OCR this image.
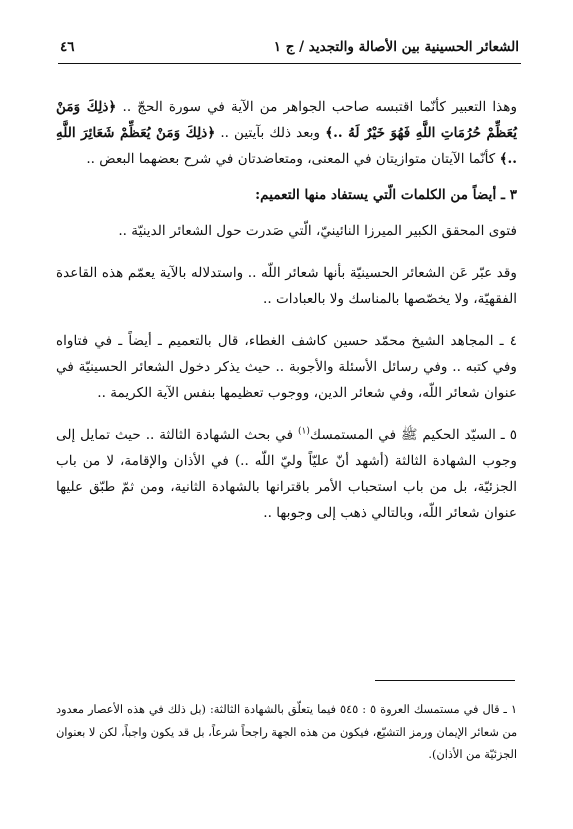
الشعائر الحسينية بين الأصالة والتجديد / ج ١
٤٦

وهذا التعبير كأنّما اقتبسه صاحب الجواهر من الآية في سورة الحجّ .. ﴿ذلِكَ وَمَنْ يُعَظِّمْ حُرُمَاتِ اللَّهِ فَهُوَ خَيْرٌ لَهُ ..﴾ وبعد ذلك بآيتين .. ﴿ذلِكَ وَمَنْ يُعَظِّمْ شَعَائِرَ اللَّهِ ..﴾ كأنّما الآيتان متوازيتان في المعنى، ومتعاضدتان في شرح بعضهما البعض ..

٣ ـ أيضاً من الكلمات الّتي يستفاد منها التعميم:

فتوى المحقق الكبير الميرزا النائينيّ، الّتي صَدرت حول الشعائر الدينيّة ..

وقد عبّر عَن الشعائر الحسينيّة بأنها شعائر اللّه .. واستدلاله بالآية يعمّم هذه القاعدة الفقهيّة، ولا يخصّصها بالمناسك ولا بالعبادات ..

٤ ـ المجاهد الشيخ محمّد حسين كاشف الغطاء، قال بالتعميم ـ أيضاً ـ في فتاواه وفي كتبه .. وفي رسائل الأسئلة والأجوبة .. حيث يذكر دخول الشعائر الحسينيّة في عنوان شعائر اللّه، وفي شعائر الدين، ووجوب تعظيمها بنفس الآية الكريمة ..

٥ ـ السيّد الحكيم ﷺ في المستمسك$^{(١)}$ في بحث الشهادة الثالثة .. حيث تمايل إلى وجوب الشهادة الثالثة (أشهد أنّ عليّاً وليّ اللّه ..) في الأذان والإقامة، لا من باب الجزئيّة، بل من باب استحباب الأمر باقترانها بالشهادة الثانية، ومن ثمّ طبّق عليها عنوان شعائر اللّه، وبالتالي ذهب إلى وجوبها ..

١ ـ قال في مستمسك العروة ٥ : ٥٤٥ فيما يتعلّق بالشهادة الثالثة: (بل ذلك في هذه الأعصار معدود من شعائر الإيمان ورمز التشيّع، فيكون من هذه الجهة راجحاً شرعاً، بل قد يكون واجباً، لكن لا بعنوان الجزئيّة من الأذان).
